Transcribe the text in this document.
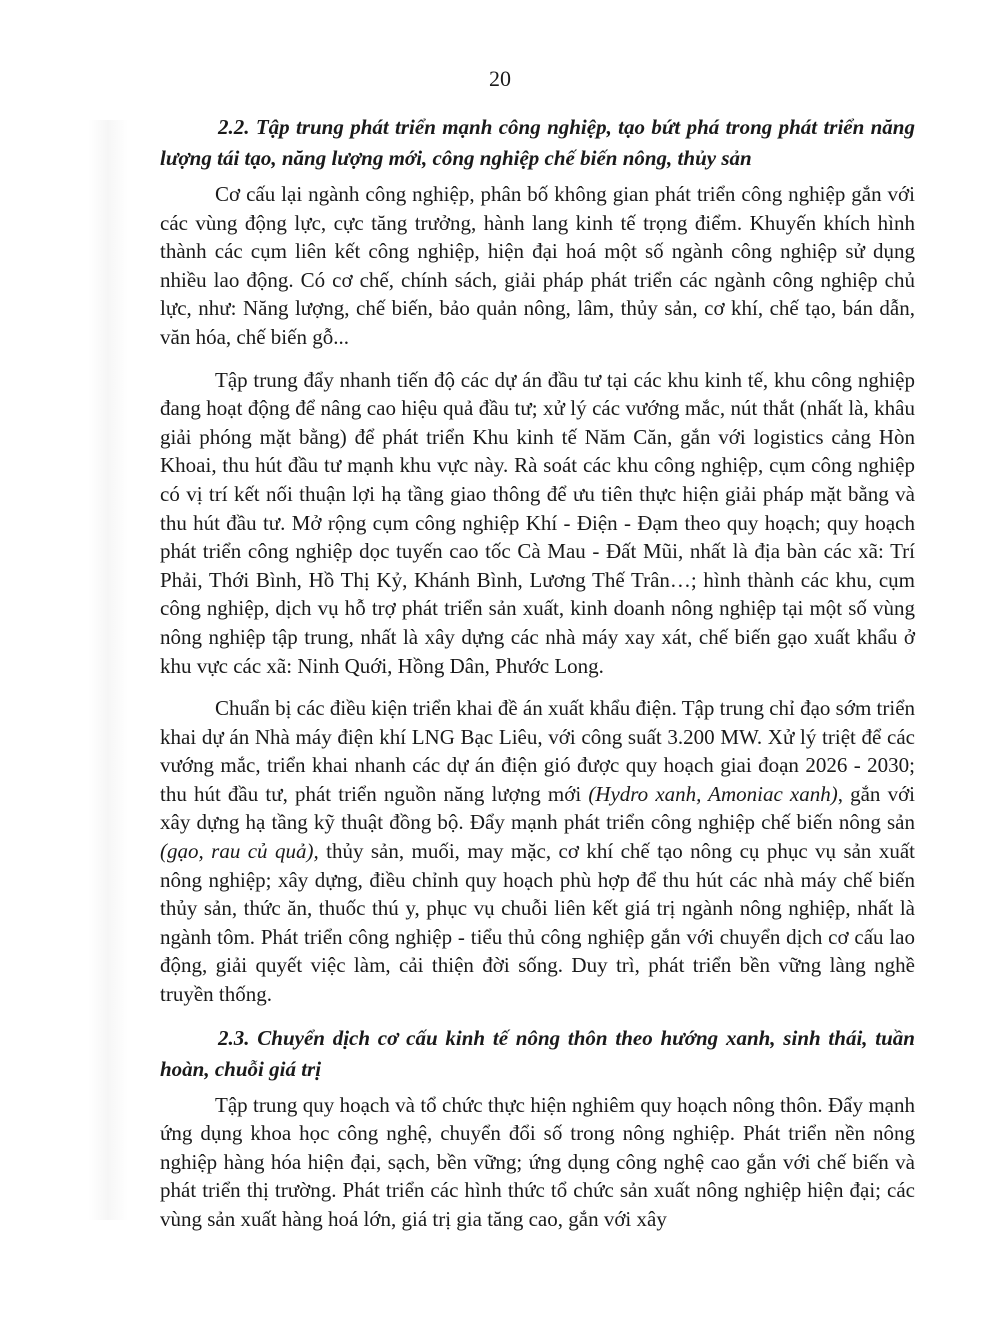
20

2.2. Tập trung phát triển mạnh công nghiệp, tạo bứt phá trong phát triển năng lượng tái tạo, năng lượng mới, công nghiệp chế biến nông, thủy sản

Cơ cấu lại ngành công nghiệp, phân bố không gian phát triển công nghiệp gắn với các vùng động lực, cực tăng trưởng, hành lang kinh tế trọng điểm. Khuyến khích hình thành các cụm liên kết công nghiệp, hiện đại hoá một số ngành công nghiệp sử dụng nhiều lao động. Có cơ chế, chính sách, giải pháp phát triển các ngành công nghiệp chủ lực, như: Năng lượng, chế biến, bảo quản nông, lâm, thủy sản, cơ khí, chế tạo, bán dẫn, văn hóa, chế biến gỗ...

Tập trung đẩy nhanh tiến độ các dự án đầu tư tại các khu kinh tế, khu công nghiệp đang hoạt động để nâng cao hiệu quả đầu tư; xử lý các vướng mắc, nút thắt (nhất là, khâu giải phóng mặt bằng) để phát triển Khu kinh tế Năm Căn, gắn với logistics cảng Hòn Khoai, thu hút đầu tư mạnh khu vực này. Rà soát các khu công nghiệp, cụm công nghiệp có vị trí kết nối thuận lợi hạ tầng giao thông để ưu tiên thực hiện giải pháp mặt bằng và thu hút đầu tư. Mở rộng cụm công nghiệp Khí - Điện - Đạm theo quy hoạch; quy hoạch phát triển công nghiệp dọc tuyến cao tốc Cà Mau - Đất Mũi, nhất là địa bàn các xã: Trí Phải, Thới Bình, Hồ Thị Kỷ, Khánh Bình, Lương Thế Trân…; hình thành các khu, cụm công nghiệp, dịch vụ hỗ trợ phát triển sản xuất, kinh doanh nông nghiệp tại một số vùng nông nghiệp tập trung, nhất là xây dựng các nhà máy xay xát, chế biến gạo xuất khẩu ở khu vực các xã: Ninh Quới, Hồng Dân, Phước Long.

Chuẩn bị các điều kiện triển khai đề án xuất khẩu điện. Tập trung chỉ đạo sớm triển khai dự án Nhà máy điện khí LNG Bạc Liêu, với công suất 3.200 MW. Xử lý triệt để các vướng mắc, triển khai nhanh các dự án điện gió được quy hoạch giai đoạn 2026 - 2030; thu hút đầu tư, phát triển nguồn năng lượng mới (Hydro xanh, Amoniac xanh), gắn với xây dựng hạ tầng kỹ thuật đồng bộ. Đẩy mạnh phát triển công nghiệp chế biến nông sản (gạo, rau củ quả), thủy sản, muối, may mặc, cơ khí chế tạo nông cụ phục vụ sản xuất nông nghiệp; xây dựng, điều chỉnh quy hoạch phù hợp để thu hút các nhà máy chế biến thủy sản, thức ăn, thuốc thú y, phục vụ chuỗi liên kết giá trị ngành nông nghiệp, nhất là ngành tôm. Phát triển công nghiệp - tiểu thủ công nghiệp gắn với chuyển dịch cơ cấu lao động, giải quyết việc làm, cải thiện đời sống. Duy trì, phát triển bền vững làng nghề truyền thống.

2.3. Chuyển dịch cơ cấu kinh tế nông thôn theo hướng xanh, sinh thái, tuần hoàn, chuỗi giá trị

Tập trung quy hoạch và tổ chức thực hiện nghiêm quy hoạch nông thôn. Đẩy mạnh ứng dụng khoa học công nghệ, chuyển đổi số trong nông nghiệp. Phát triển nền nông nghiệp hàng hóa hiện đại, sạch, bền vững; ứng dụng công nghệ cao gắn với chế biến và phát triển thị trường. Phát triển các hình thức tổ chức sản xuất nông nghiệp hiện đại; các vùng sản xuất hàng hoá lớn, giá trị gia tăng cao, gắn với xây
